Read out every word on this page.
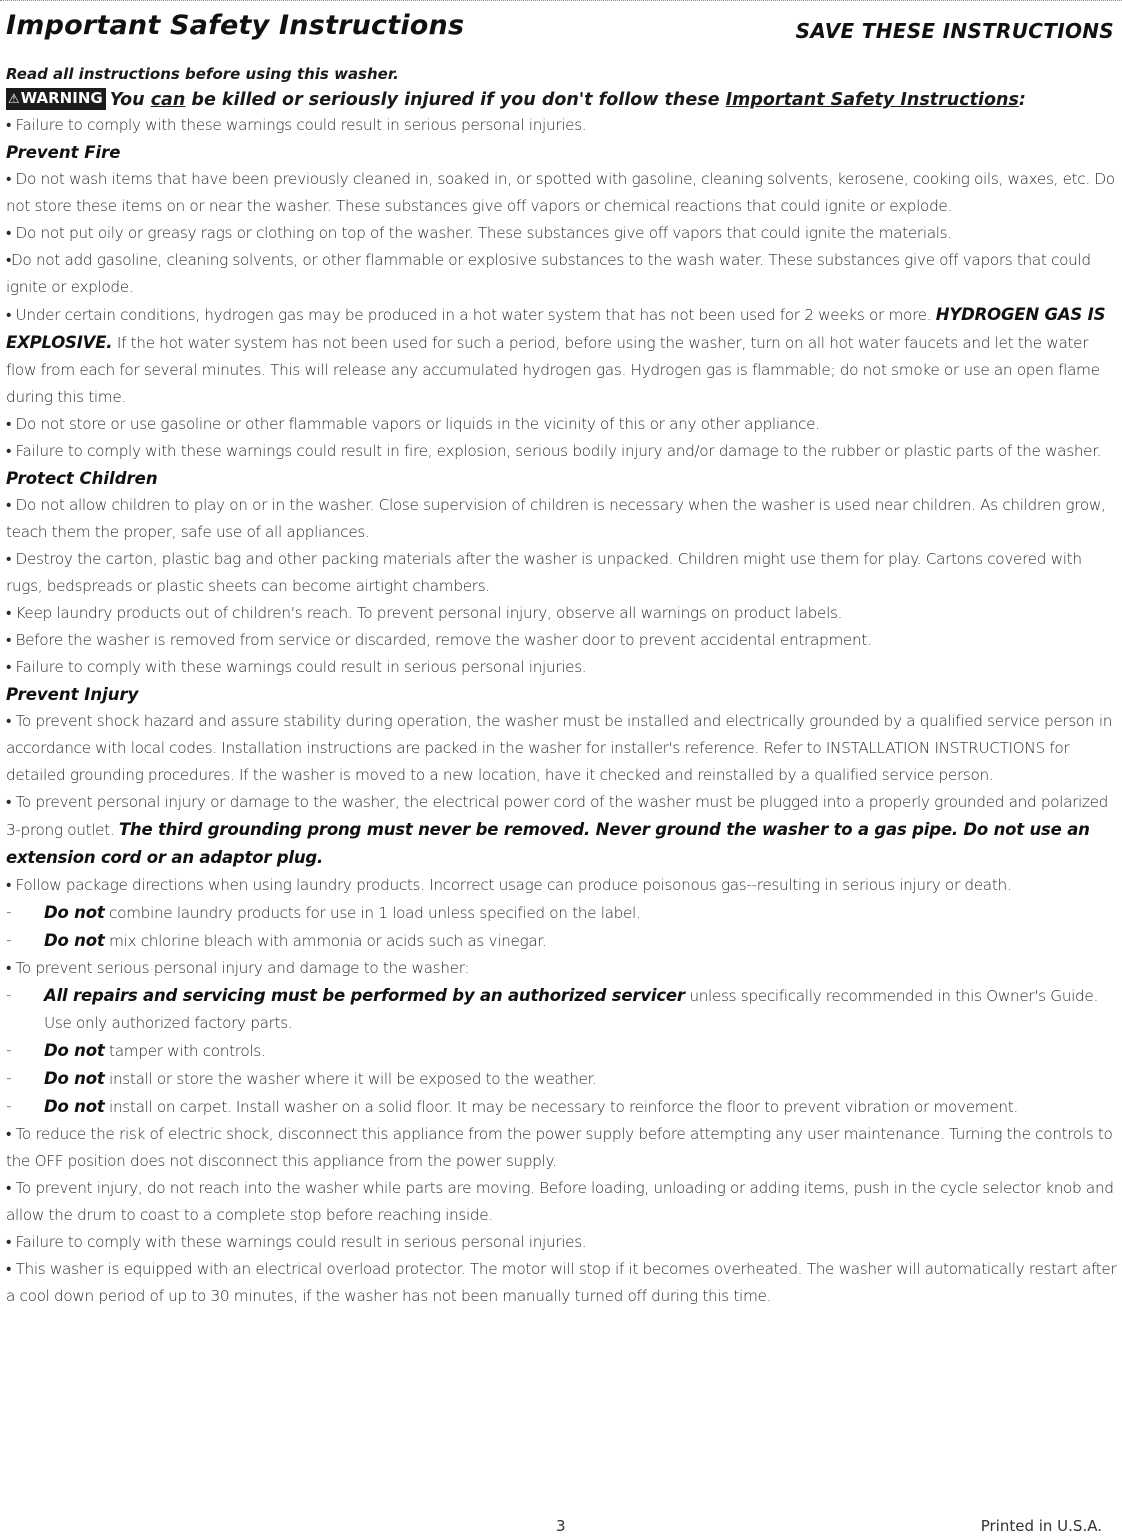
Important Safety Instructions	SAVE THESE INSTRUCTIONS
Read all instructions before using this washer.
⚠WARNING You can be killed or seriously injured if you don't follow these Important Safety Instructions:

• Failure to comply with these warnings could result in serious personal injuries.

Prevent Fire

• Do not wash items that have been previously cleaned in, soaked in, or spotted with gasoline, cleaning solvents, kerosene, cooking oils, waxes, etc. Do not store these items on or near the washer. These substances give off vapors or chemical reactions that could ignite or explode.

• Do not put oily or greasy rags or clothing on top of the washer. These substances give off vapors that could ignite the materials.

•Do not add gasoline, cleaning solvents, or other flammable or explosive substances to the wash water. These substances give off vapors that could ignite or explode.

• Under certain conditions, hydrogen gas may be produced in a hot water system that has not been used for 2 weeks or more. HYDROGEN GAS IS EXPLOSIVE. If the hot water system has not been used for such a period, before using the washer, turn on all hot water faucets and let the water flow from each for several minutes. This will release any accumulated hydrogen gas. Hydrogen gas is flammable; do not smoke or use an open flame during this time.

• Do not store or use gasoline or other flammable vapors or liquids in the vicinity of this or any other appliance.

• Failure to comply with these warnings could result in fire, explosion, serious bodily injury and/or damage to the rubber or plastic parts of the washer.

Protect Children

• Do not allow children to play on or in the washer. Close supervision of children is necessary when the washer is used near children. As children grow, teach them the proper, safe use of all appliances.

• Destroy the carton, plastic bag and other packing materials after the washer is unpacked. Children might use them for play. Cartons covered with rugs, bedspreads or plastic sheets can become airtight chambers.

• Keep laundry products out of children's reach. To prevent personal injury, observe all warnings on product labels.

• Before the washer is removed from service or discarded, remove the washer door to prevent accidental entrapment.

• Failure to comply with these warnings could result in serious personal injuries.

Prevent Injury

• To prevent shock hazard and assure stability during operation, the washer must be installed and electrically grounded by a qualified service person in accordance with local codes. Installation instructions are packed in the washer for installer's reference. Refer to INSTALLATION INSTRUCTIONS for detailed grounding procedures. If the washer is moved to a new location, have it checked and reinstalled by a qualified service person.

• To prevent personal injury or damage to the washer, the electrical power cord of the washer must be plugged into a properly grounded and polarized 3-prong outlet. The third grounding prong must never be removed. Never ground the washer to a gas pipe. Do not use an extension cord or an adaptor plug.

• Follow package directions when using laundry products. Incorrect usage can produce poisonous gas--resulting in serious injury or death.

- Do not combine laundry products for use in 1 load unless specified on the label.

- Do not mix chlorine bleach with ammonia or acids such as vinegar.

• To prevent serious personal injury and damage to the washer:

- All repairs and servicing must be performed by an authorized servicer unless specifically recommended in this Owner's Guide. Use only authorized factory parts.

- Do not tamper with controls.

- Do not install or store the washer where it will be exposed to the weather.

- Do not install on carpet. Install washer on a solid floor. It may be necessary to reinforce the floor to prevent vibration or movement.

• To reduce the risk of electric shock, disconnect this appliance from the power supply before attempting any user maintenance. Turning the controls to the OFF position does not disconnect this appliance from the power supply.

• To prevent injury, do not reach into the washer while parts are moving. Before loading, unloading or adding items, push in the cycle selector knob and allow the drum to coast to a complete stop before reaching inside.

• Failure to comply with these warnings could result in serious personal injuries.

• This washer is equipped with an electrical overload protector. The motor will stop if it becomes overheated. The washer will automatically restart after a cool down period of up to 30 minutes, if the washer has not been manually turned off during this time.

3	Printed in U.S.A.
